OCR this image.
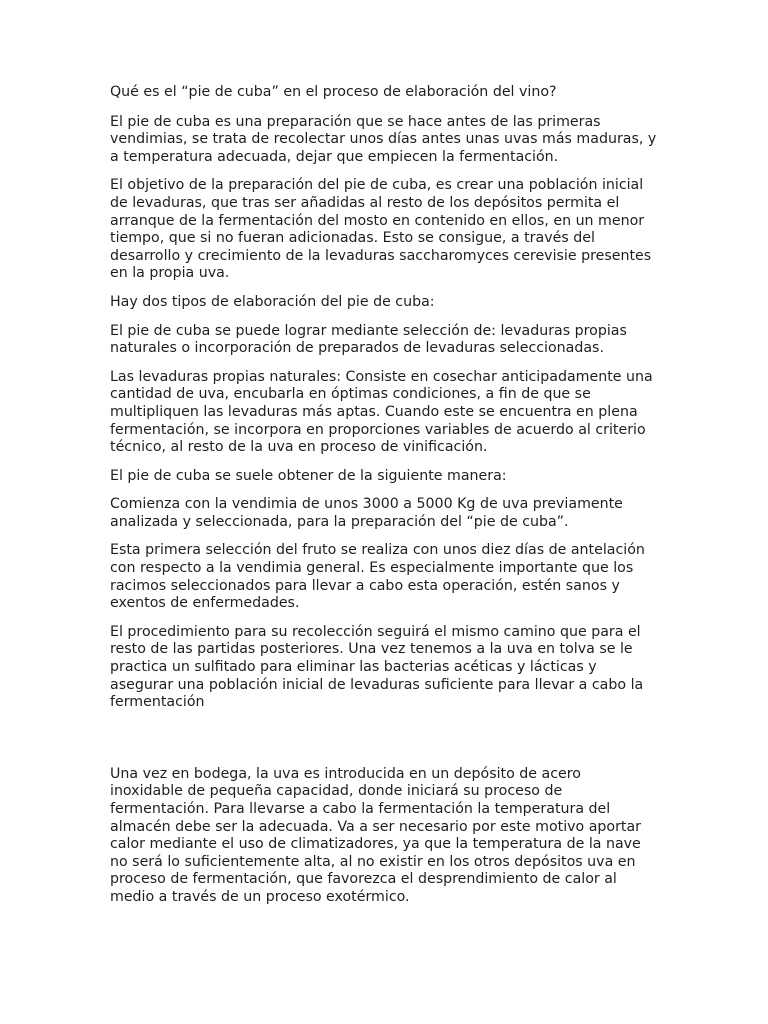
Qué es el “pie de cuba” en el proceso de elaboración del vino?

El pie de cuba es una preparación que se hace antes de las primeras
vendimias, se trata de recolectar unos días antes unas uvas más maduras, y
a temperatura adecuada, dejar que empiecen la fermentación.

El objetivo de la preparación del pie de cuba, es crear una población inicial
de levaduras, que tras ser añadidas al resto de los depósitos permita el
arranque de la fermentación del mosto en contenido en ellos, en un menor
tiempo, que si no fueran adicionadas. Esto se consigue, a través del
desarrollo y crecimiento de la levaduras saccharomyces cerevisie presentes
en la propia uva.

Hay dos tipos de elaboración del pie de cuba:

El pie de cuba se puede lograr mediante selección de: levaduras propias
naturales o incorporación de preparados de levaduras seleccionadas.

Las levaduras propias naturales: Consiste en cosechar anticipadamente una
cantidad de uva, encubarla en óptimas condiciones, a fin de que se
multipliquen las levaduras más aptas. Cuando este se encuentra en plena
fermentación, se incorpora en proporciones variables de acuerdo al criterio
técnico, al resto de la uva en proceso de vinificación.

El pie de cuba se suele obtener de la siguiente manera:

Comienza con la vendimia de unos 3000 a 5000 Kg de uva previamente
analizada y seleccionada, para la preparación del “pie de cuba”.

Esta primera selección del fruto se realiza con unos diez días de antelación
con respecto a la vendimia general. Es especialmente importante que los
racimos seleccionados para llevar a cabo esta operación, estén sanos y
exentos de enfermedades.

El procedimiento para su recolección seguirá el mismo camino que para el
resto de las partidas posteriores. Una vez tenemos a la uva en tolva se le
practica un sulfitado para eliminar las bacterias acéticas y lácticas y
asegurar una población inicial de levaduras suficiente para llevar a cabo la
fermentación

Una vez en bodega, la uva es introducida en un depósito de acero
inoxidable de pequeña capacidad, donde iniciará su proceso de
fermentación. Para llevarse a cabo la fermentación la temperatura del
almacén debe ser la adecuada. Va a ser necesario por este motivo aportar
calor mediante el uso de climatizadores, ya que la temperatura de la nave
no será lo suficientemente alta, al no existir en los otros depósitos uva en
proceso de fermentación, que favorezca el desprendimiento de calor al
medio a través de un proceso exotérmico.
